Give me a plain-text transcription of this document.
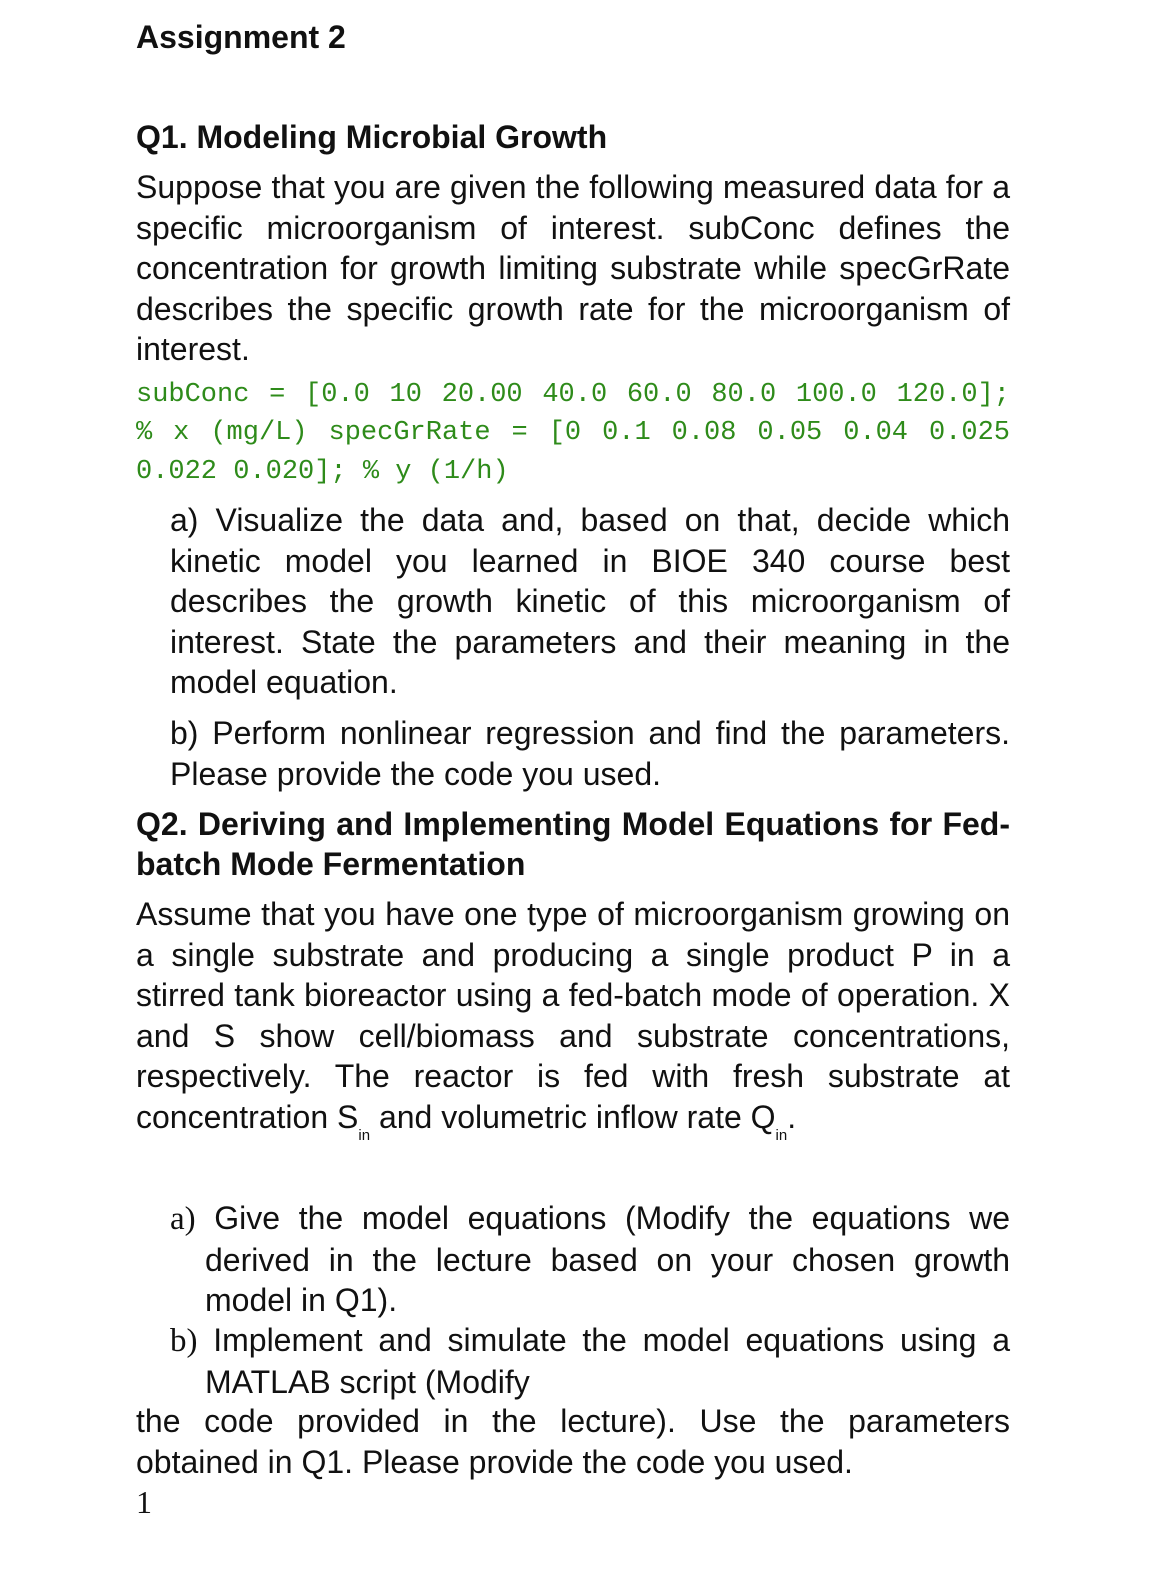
Assignment 2
Q1. Modeling Microbial Growth

Suppose that you are given the following measured data for a specific microorganism of interest. subConc defines the concentration for growth limiting substrate while specGrRate describes the specific growth rate for the microorganism of interest.

subConc = [0.0 10 20.00 40.0 60.0 80.0 100.0 120.0]; % x (mg/L) specGrRate = [0 0.1 0.08 0.05 0.04 0.025 0.022 0.020]; % y (1/h)

a) Visualize the data and, based on that, decide which kinetic model you learned in BIOE 340 course best describes the growth kinetic of this microorganism of interest. State the parameters and their meaning in the model equation.

b) Perform nonlinear regression and find the parameters. Please provide the code you used.

Q2. Deriving and Implementing Model Equations for Fed-batch Mode Fermentation

Assume that you have one type of microorganism growing on a single substrate and producing a single product P in a stirred tank bioreactor using a fed-batch mode of operation. X and S show cell/biomass and substrate concentrations, respectively. The reactor is fed with fresh substrate at concentration $S_{in}$ and volumetric inflow rate $Q_{in}$.

a) Give the model equations (Modify the equations we derived in the lecture based on your chosen growth model in Q1).

b) Implement and simulate the model equations using a MATLAB script (Modify

the code provided in the lecture). Use the parameters obtained in Q1. Please provide the code you used.

1
